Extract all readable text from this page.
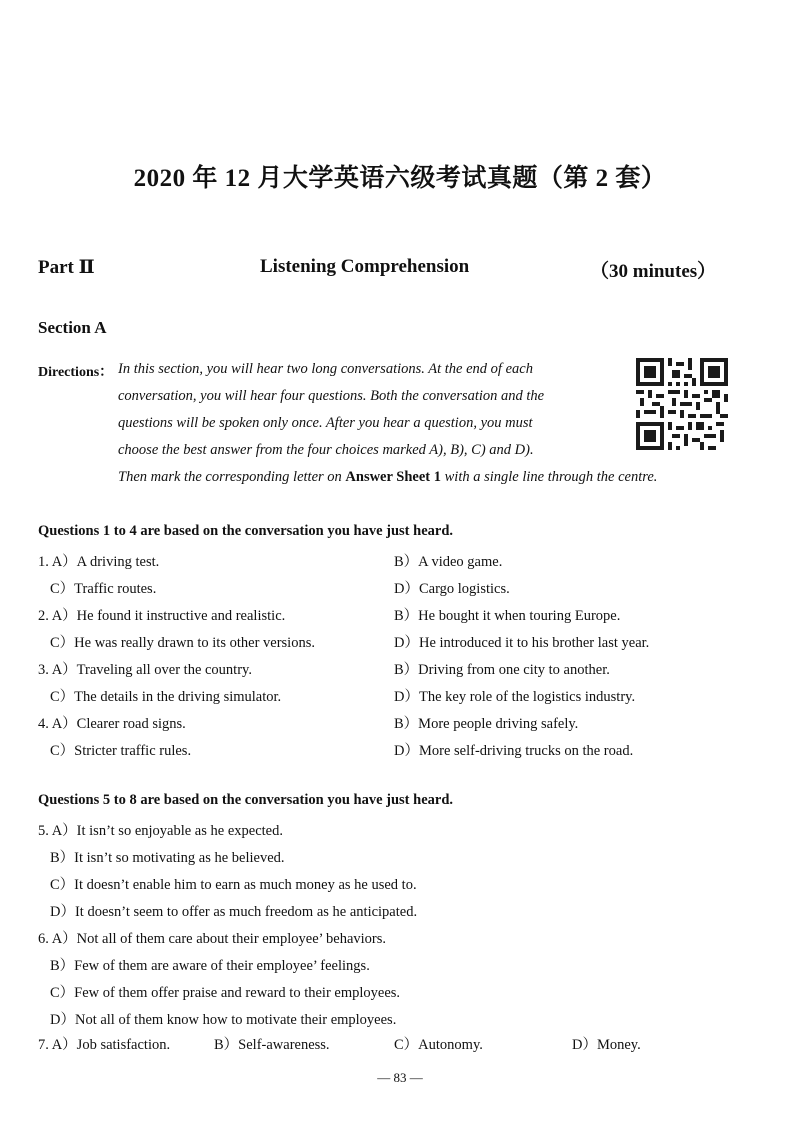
2020 年 12 月大学英语六级考试真题（第 2 套）
Part Ⅱ	Listening Comprehension	（30 minutes）
Section A
Directions： In this section, you will hear two long conversations. At the end of each
conversation, you will hear four questions. Both the conversation and the
questions will be spoken only once. After you hear a question, you must
choose the best answer from the four choices marked A), B), C) and D).
Then mark the corresponding letter on Answer Sheet 1 with a single line through the centre.
Questions 1 to 4 are based on the conversation you have just heard.
1. A）A driving test.	B）A video game.
C）Traffic routes.	D）Cargo logistics.
2. A）He found it instructive and realistic.	B）He bought it when touring Europe.
C）He was really drawn to its other versions.	D）He introduced it to his brother last year.
3. A）Traveling all over the country.	B）Driving from one city to another.
C）The details in the driving simulator.	D）The key role of the logistics industry.
4. A）Clearer road signs.	B）More people driving safely.
C）Stricter traffic rules.	D）More self-driving trucks on the road.
Questions 5 to 8 are based on the conversation you have just heard.
5. A）It isn’t so enjoyable as he expected.
B）It isn’t so motivating as he believed.
C）It doesn’t enable him to earn as much money as he used to.
D）It doesn’t seem to offer as much freedom as he anticipated.
6. A）Not all of them care about their employee’ behaviors.
B）Few of them are aware of their employee’ feelings.
C）Few of them offer praise and reward to their employees.
D）Not all of them know how to motivate their employees.
7. A）Job satisfaction.	B）Self-awareness.	C）Autonomy.	D）Money.
— 83 —
